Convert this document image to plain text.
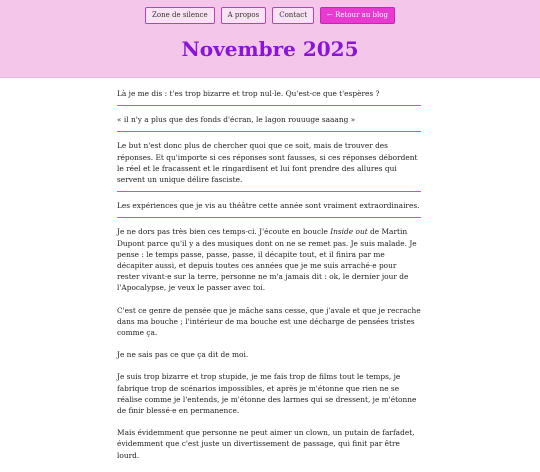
Zone de silence	A propos	Contact	← Retour au blog
Novembre 2025
Là je me dis : t'es trop bizarre et trop nul·le. Qu'est-ce que t'espères ?
« il n'y a plus que des fonds d'écran, le lagon rouuuge saaang »
Le but n'est donc plus de chercher quoi que ce soit, mais de trouver des réponses. Et qu'importe si ces réponses sont fausses, si ces réponses débordent le réel et le fracassent et le ringardisent et lui font prendre des allures qui servent un unique délire fasciste.
Les expériences que je vis au théâtre cette année sont vraiment extraordinaires.

Je ne dors pas très bien ces temps-ci. J'écoute en boucle Inside out de Martin Dupont parce qu'il y a des musiques dont on ne se remet pas. Je suis malade. Je pense : le temps passe, passe, passe, il décapite tout, et il finira par me décapiter aussi, et depuis toutes ces années que je me suis arraché·e pour rester vivant·e sur la terre, personne ne m'a jamais dit : ok, le dernier jour de l'Apocalypse, je veux le passer avec toi.

C'est ce genre de pensée que je mâche sans cesse, que j'avale et que je recrache dans ma bouche ; l'intérieur de ma bouche est une décharge de pensées tristes comme ça.

Je ne sais pas ce que ça dit de moi.

Je suis trop bizarre et trop stupide, je me fais trop de films tout le temps, je fabrique trop de scénarios impossibles, et après je m'étonne que rien ne se réalise comme je l'entends, je m'étonne des larmes qui se dressent, je m'étonne de finir blessé·e en permanence.

Mais évidemment que personne ne peut aimer un clown, un putain de farfadet, évidemment que c'est juste un divertissement de passage, qui finit par être lourd.
